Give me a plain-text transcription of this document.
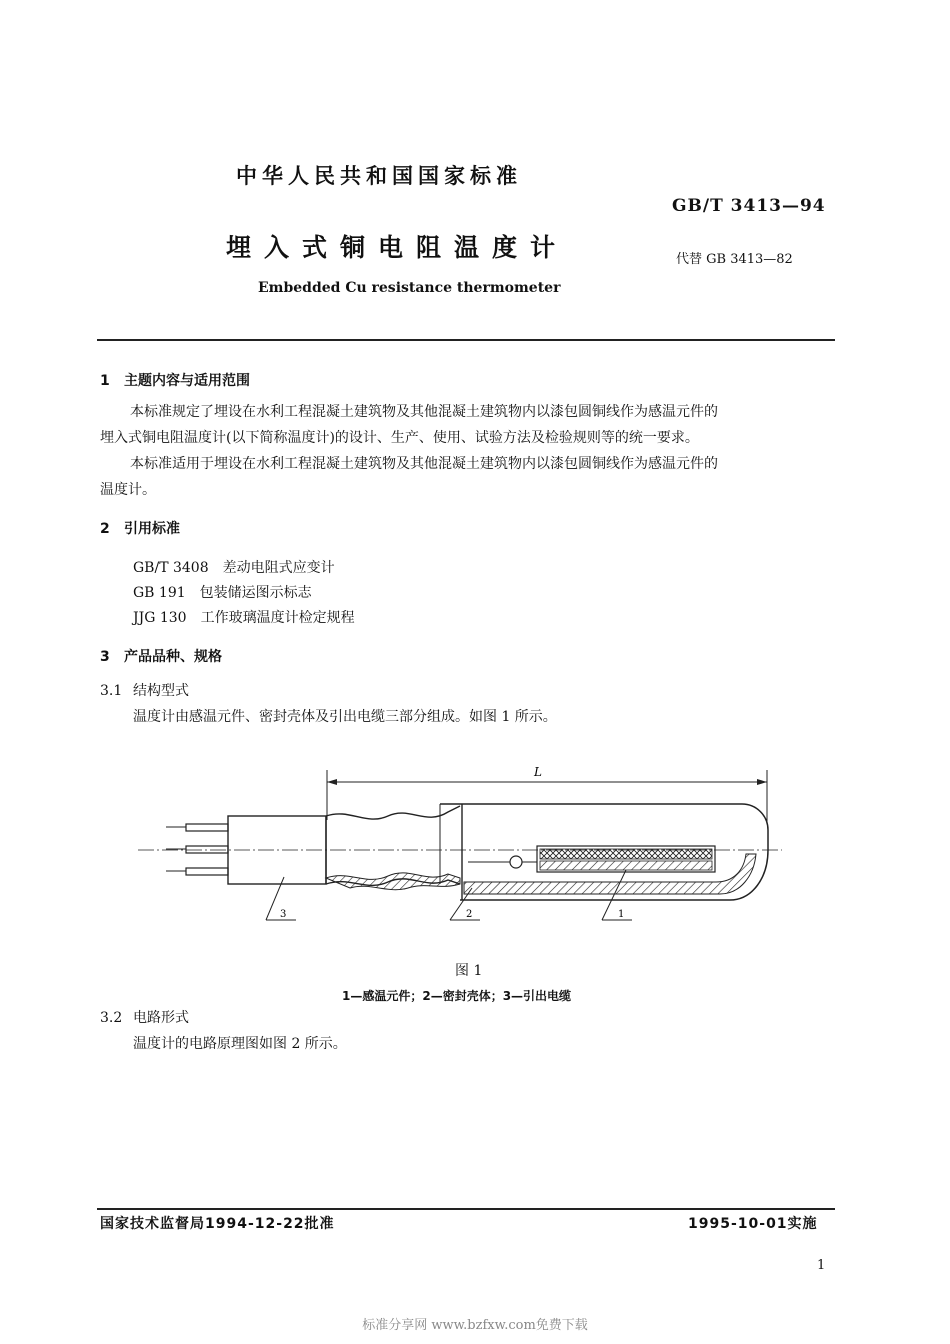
中华人民共和国国家标准
GB/T 3413—94
埋入式铜电阻温度计	代替 GB 3413—82
Embedded Cu resistance thermometer
1 主题内容与适用范围
本标准规定了埋设在水利工程混凝土建筑物及其他混凝土建筑物内以漆包圆铜线作为感温元件的
埋入式铜电阻温度计(以下简称温度计)的设计、生产、使用、试验方法及检验规则等的统一要求。
本标准适用于埋设在水利工程混凝土建筑物及其他混凝土建筑物内以漆包圆铜线作为感温元件的
温度计。
2 引用标准
GB/T 3408 差动电阻式应变计
GB 191 包装储运图示标志
JJG 130 工作玻璃温度计检定规程
3 产品品种、规格
3.1 结构型式
温度计由感温元件、密封壳体及引出电缆三部分组成。如图 1 所示。
L
3	2	1
图 1
1—感温元件；2—密封壳体；3—引出电缆
3.2 电路形式
温度计的电路原理图如图 2 所示。
国家技术监督局1994-12-22批准	1995-10-01实施
1
标准分享网 www.bzfxw.com免费下载
